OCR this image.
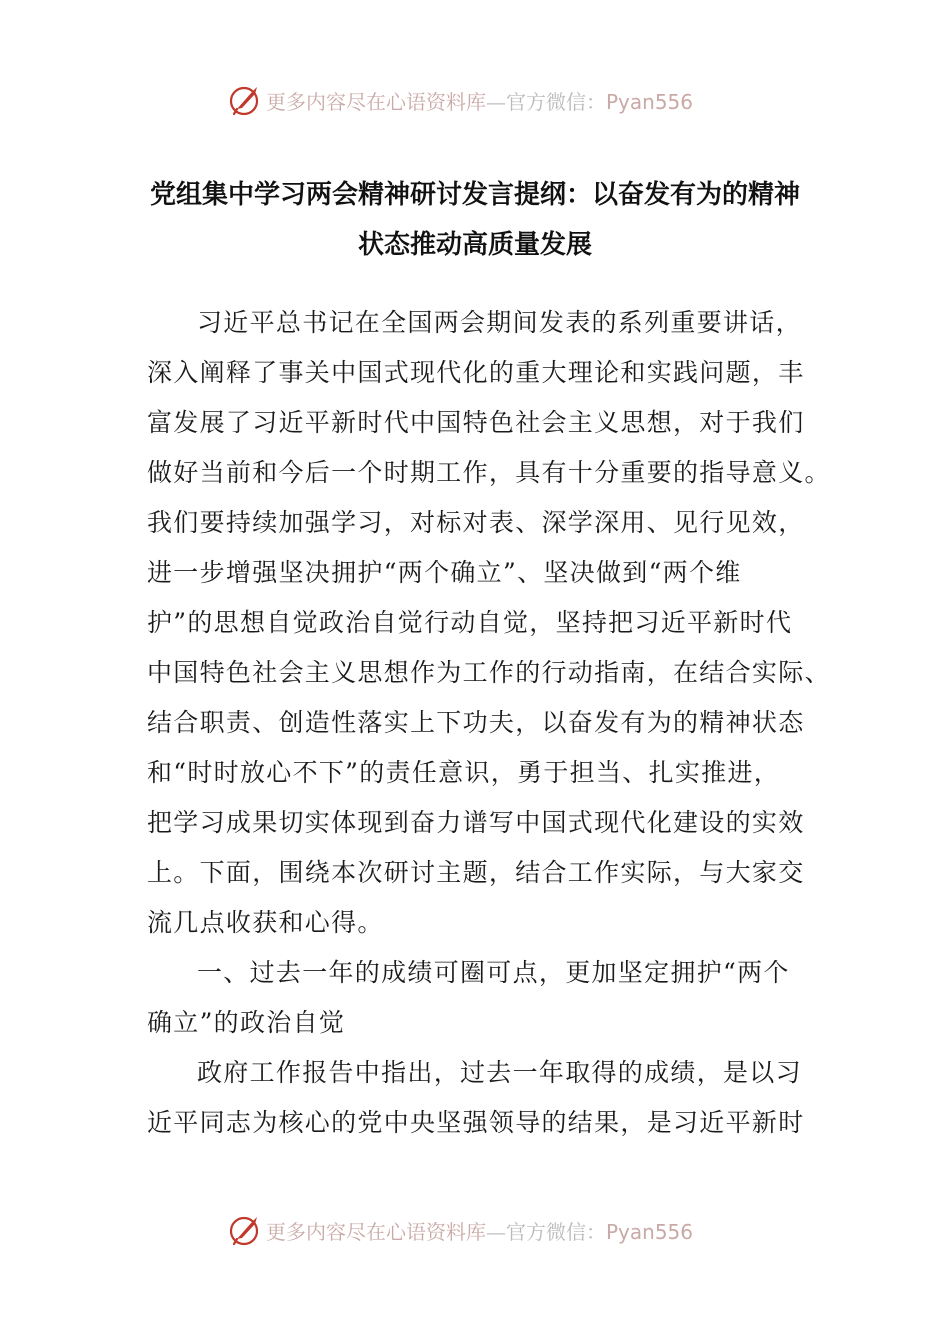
更多内容尽在心语资料库—官方微信：Pyan556
党组集中学习两会精神研讨发言提纲：以奋发有为的精神
状态推动高质量发展
习近平总书记在全国两会期间发表的系列重要讲话，
深入阐释了事关中国式现代化的重大理论和实践问题，丰
富发展了习近平新时代中国特色社会主义思想，对于我们
做好当前和今后一个时期工作，具有十分重要的指导意义。
我们要持续加强学习，对标对表、深学深用、见行见效，
进一步增强坚决拥护“两个确立”、坚决做到“两个维
护”的思想自觉政治自觉行动自觉，坚持把习近平新时代
中国特色社会主义思想作为工作的行动指南，在结合实际、
结合职责、创造性落实上下功夫，以奋发有为的精神状态
和“时时放心不下”的责任意识，勇于担当、扎实推进，
把学习成果切实体现到奋力谱写中国式现代化建设的实效
上。下面，围绕本次研讨主题，结合工作实际，与大家交
流几点收获和心得。
一、过去一年的成绩可圈可点，更加坚定拥护“两个
确立”的政治自觉
政府工作报告中指出，过去一年取得的成绩，是以习
近平同志为核心的党中央坚强领导的结果，是习近平新时
更多内容尽在心语资料库—官方微信：Pyan556
